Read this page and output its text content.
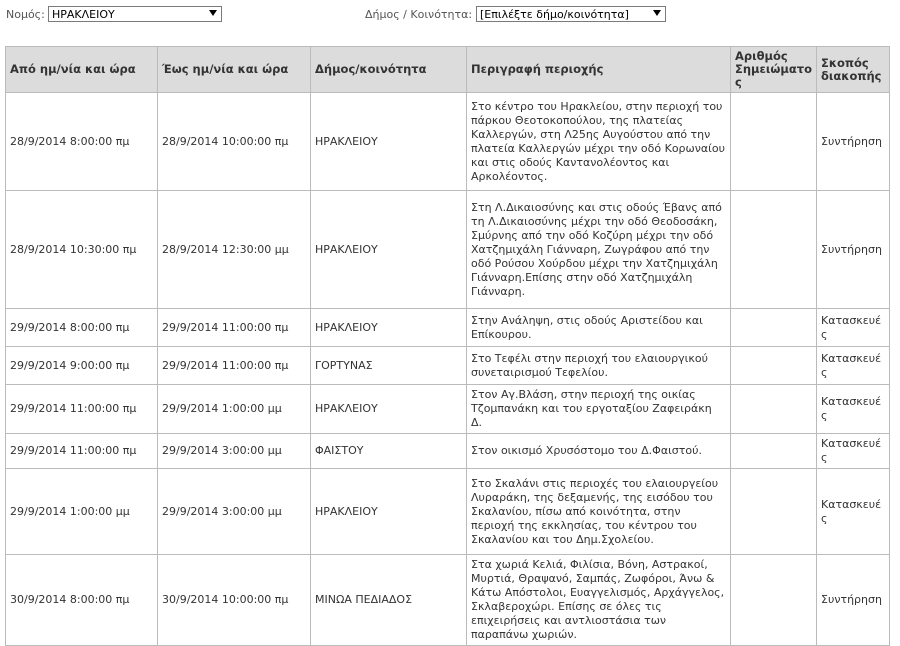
Νομός: ΗΡΑΚΛΕΙΟΥ	Δήμος / Κοινότητα: [Επιλέξτε δήμο/κοινότητα]
Από ημ/νία και ώρα	Έως ημ/νία και ώρα	Δήμος/κοινότητα	Περιγραφή περιοχής	Αριθμός Σημειώματος	Σκοπός διακοπής
28/9/2014 8:00:00 πμ	28/9/2014 10:00:00 πμ	ΗΡΑΚΛΕΙΟΥ	Στο κέντρο του Ηρακλείου, στην περιοχή του πάρκου Θεοτοκοπούλου, της πλατείας Καλλεργών, στη Λ25ης Αυγούστου από την πλατεία Καλλεργών μέχρι την οδό Κορωναίου και στις οδούς Καντανολέοντος και Αρκολέοντος.		Συντήρηση
28/9/2014 10:30:00 πμ	28/9/2014 12:30:00 μμ	ΗΡΑΚΛΕΙΟΥ	Στη Λ.Δικαιοσύνης και στις οδούς Έβανς από τη Λ.Δικαιοσύνης μέχρι την οδό Θεοδοσάκη, Σμύρνης από την οδό Κοζύρη μέχρι την οδό Χατζημιχάλη Γιάνναρη, Ζωγράφου από την οδό Ρούσου Χούρδου μέχρι την Χατζημιχάλη Γιάνναρη.Επίσης στην οδό Χατζημιχάλη Γιάνναρη.		Συντήρηση
29/9/2014 8:00:00 πμ	29/9/2014 11:00:00 πμ	ΗΡΑΚΛΕΙΟΥ	Στην Ανάληψη, στις οδούς Αριστείδου και Επίκουρου.		Κατασκευές
29/9/2014 9:00:00 πμ	29/9/2014 11:00:00 πμ	ΓΟΡΤΥΝΑΣ	Στο Τεφέλι στην περιοχή του ελαιουργικού συνεταιρισμού Τεφελίου.		Κατασκευές
29/9/2014 11:00:00 πμ	29/9/2014 1:00:00 μμ	ΗΡΑΚΛΕΙΟΥ	Στον Αγ.Βλάση, στην περιοχή της οικίας Τζομπανάκη και του εργοταξίου Ζαφειράκη Δ.		Κατασκευές
29/9/2014 11:00:00 πμ	29/9/2014 3:00:00 μμ	ΦΑΙΣΤΟΥ	Στον οικισμό Χρυσόστομο του Δ.Φαιστού.		Κατασκευές
29/9/2014 1:00:00 μμ	29/9/2014 3:00:00 μμ	ΗΡΑΚΛΕΙΟΥ	Στο Σκαλάνι στις περιοχές του ελαιουργείου Λυραράκη, της δεξαμενής, της εισόδου του Σκαλανίου, πίσω από κοινότητα, στην περιοχή της εκκλησίας, του κέντρου του Σκαλανίου και του Δημ.Σχολείου.		Κατασκευές
30/9/2014 8:00:00 πμ	30/9/2014 10:00:00 πμ	ΜΙΝΩΑ ΠΕΔΙΑΔΟΣ	Στα χωριά Κελιά, Φιλίσια, Βόνη, Αστρακοί, Μυρτιά, Θραψανό, Σαμπάς, Ζωφόροι, Άνω & Κάτω Απόστολοι, Ευαγγελισμός, Αρχάγγελος, Σκλαβεροχώρι. Επίσης σε όλες τις επιχειρήσεις και αντλιοστάσια των παραπάνω χωριών.		Συντήρηση
